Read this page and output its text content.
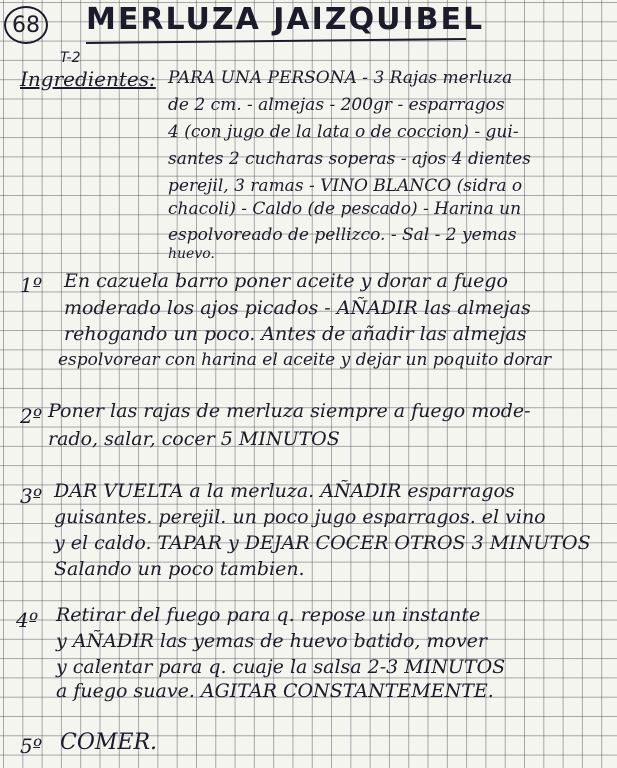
68 MERLUZA JAIZQUIBEL
T-2
Ingredientes: PARA UNA PERSONA - 3 Rajas merluza
de 2 cm. - almejas - 200gr - esparragos
4 (con jugo de la lata o de coccion) - gui-
santes 2 cucharas soperas - ajos 4 dientes
perejil, 3 ramas - VINO BLANCO (sidra o
chacoli) - Caldo (de pescado) - Harina un
espolvoreado de pellizco. - Sal - 2 yemas
huevo.
1º En cazuela barro poner aceite y dorar a fuego
moderado los ajos picados - AÑADIR las almejas
rehogando un poco. Antes de añadir las almejas
espolvorear con harina el aceite y dejar un poquito dorar
2º Poner las rajas de merluza siempre a fuego mode-
rado, salar, cocer 5 MINUTOS
3º DAR VUELTA a la merluza. AÑADIR esparragos
guisantes. perejil. un poco jugo esparragos. el vino
y el caldo. TAPAR y DEJAR COCER OTROS 3 MINUTOS
Salando un poco tambien.
4º Retirar del fuego para q. repose un instante
y AÑADIR las yemas de huevo batido, mover
y calentar para q. cuaje la salsa 2-3 MINUTOS
a fuego suave. AGITAR CONSTANTEMENTE.
5º COMER.
